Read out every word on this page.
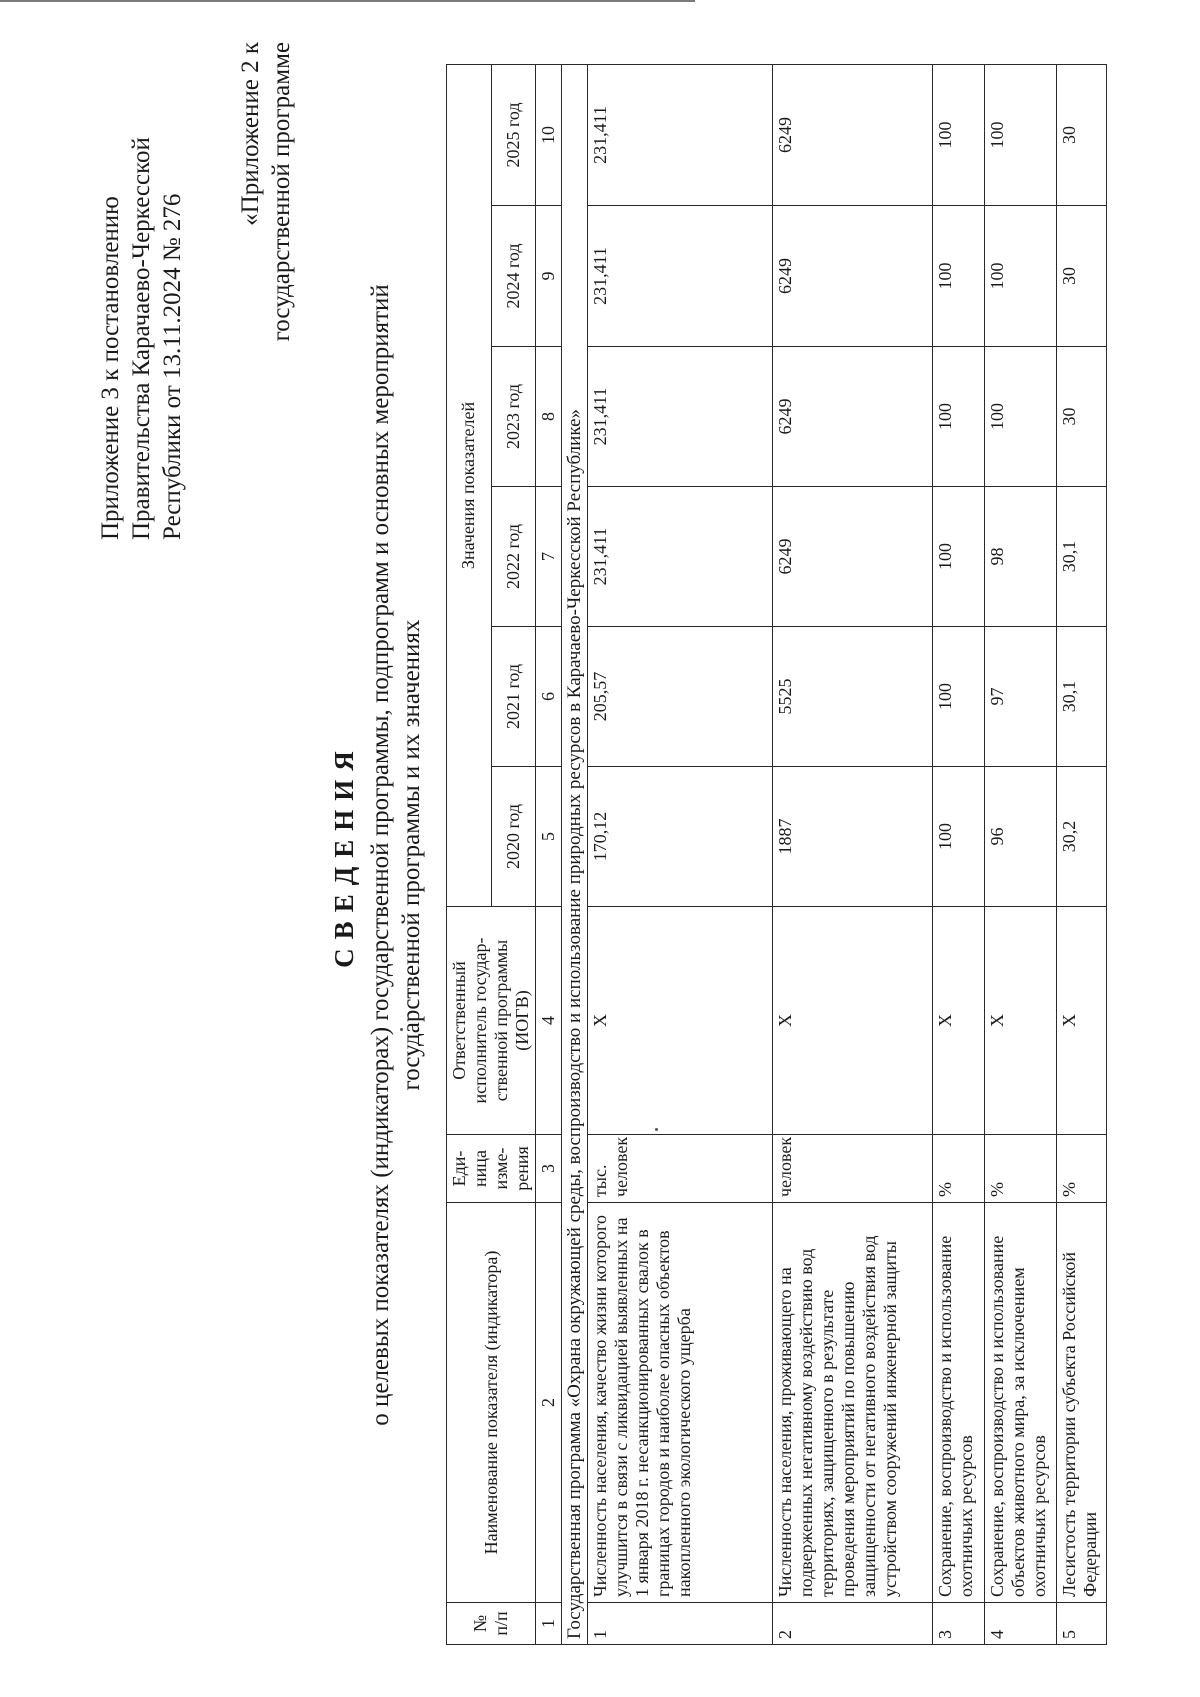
Приложение 3 к постановлению Правительства Карачаево-Черкесской Республики от 13.11.2024 № 276
«Приложение 2 к государственной программе
СВЕДЕНИЯ о целевых показателях (индикаторах) государственной программы, подпрограмм и основных мероприятий государственной программы и их значениях
№ п/п	Наименование показателя (индикатора)	Еди- ница изме- рения	Ответственный исполнитель государ- ственной программы (ИОГВ)	Значения показателей					
				2020 год	2021 год	2022 год	2023 год	2024 год	2025 год
1	2	3	4	5	6	7	8	9	10
Государственная программа «Охрана окружающей среды, воспроизводство и использование природных ресурсов в Карачаево-Черкесской Республике»									
1	Численность населения, качество жизни которого улучшится в связи с ликвидацией выявленных на 1 января 2018 г. несанкционированных свалок в границах городов и наиболее опасных объектов накопленного экологического ущерба	тыс. человек	Х	170,12	205,57	231,411	231,411	231,411	231,411
2	Численность населения, проживающего на подверженных негативному воздействию вод территориях, защищенного в результате проведения мероприятий по повышению защищенности от негативного воздействия вод устройством сооружений инженерной защиты	человек	Х	1887	5525	6249	6249	6249	6249
3	Сохранение, воспроизводство и использование охотничьих ресурсов	%	Х	100	100	100	100	100	100
4	Сохранение, воспроизводство и использование объектов животного мира, за исключением охотничьих ресурсов	%	Х	96	97	98	100	100	100
5	Лесистость территории субъекта Российской Федерации	%	Х	30,2	30,1	30,1	30	30	30
